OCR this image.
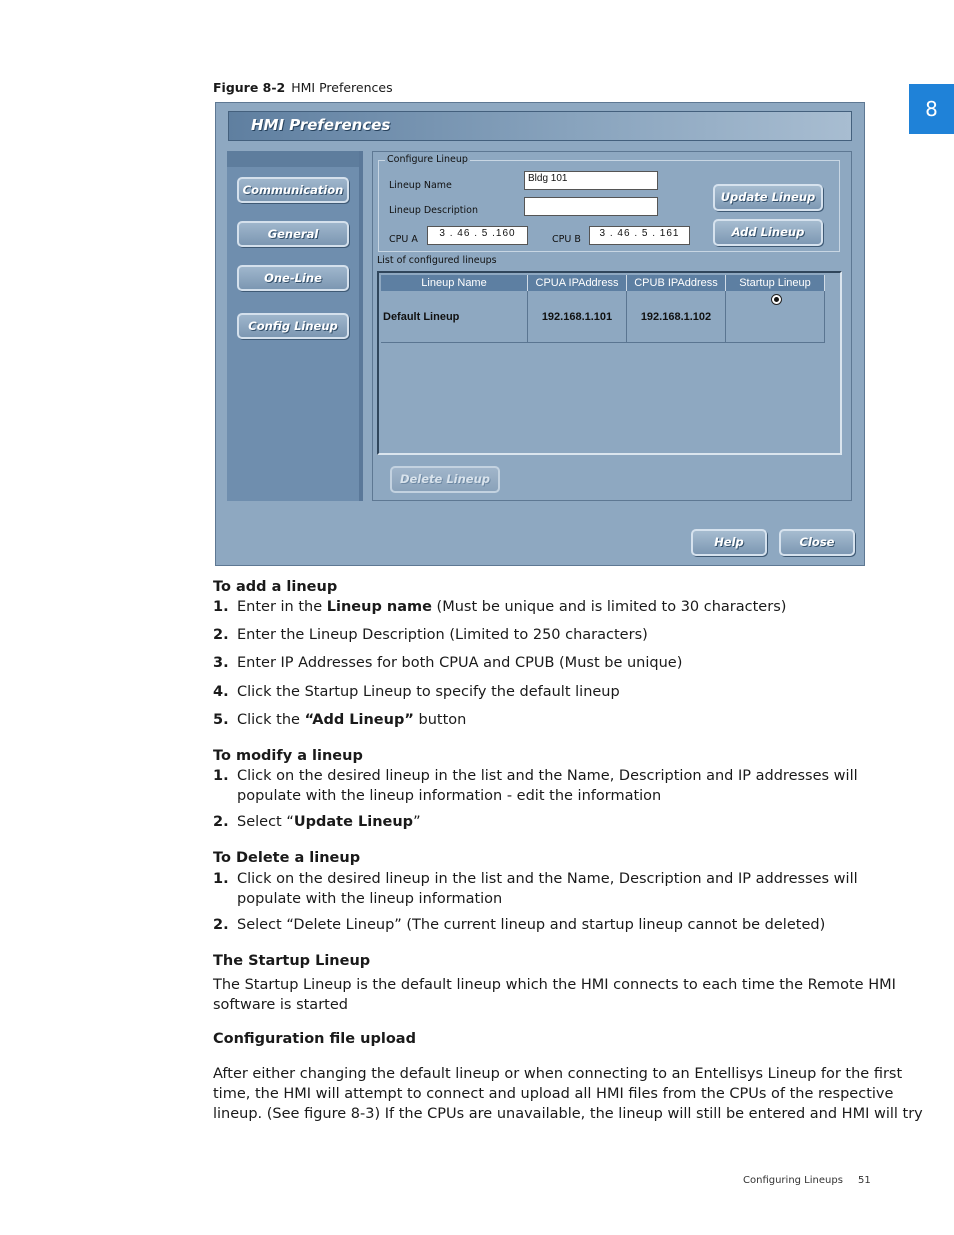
8
Figure 8-2 HMI Preferences
HMI Preferences
Communication
General
One-Line
Config Lineup
Configure Lineup
Lineup Name
Bldg 101
Lineup Description
CPU A
3 . 46 . 5 .160
CPU B
3 . 46 . 5 . 161
Update Lineup
Add Lineup
List of configured lineups
Lineup Name	CPUA IPAddress	CPUB IPAddress	Startup Lineup
Default Lineup	192.168.1.101	192.168.1.102
Delete Lineup
Help	Close
To add a lineup
1. Enter in the Lineup name (Must be unique and is limited to 30 characters)
2. Enter the Lineup Description (Limited to 250 characters)
3. Enter IP Addresses for both CPUA and CPUB (Must be unique)
4. Click the Startup Lineup to specify the default lineup
5. Click the “Add Lineup” button
To modify a lineup
1. Click on the desired lineup in the list and the Name, Description and IP addresses will
populate with the lineup information - edit the information
2. Select “Update Lineup”
To Delete a lineup
1. Click on the desired lineup in the list and the Name, Description and IP addresses will
populate with the lineup information
2. Select “Delete Lineup” (The current lineup and startup lineup cannot be deleted)
The Startup Lineup
The Startup Lineup is the default lineup which the HMI connects to each time the Remote HMI
software is started
Configuration file upload
After either changing the default lineup or when connecting to an Entellisys Lineup for the first
time, the HMI will attempt to connect and upload all HMI files from the CPUs of the respective
lineup. (See figure 8-3) If the CPUs are unavailable, the lineup will still be entered and HMI will try
Configuring Lineups 51
